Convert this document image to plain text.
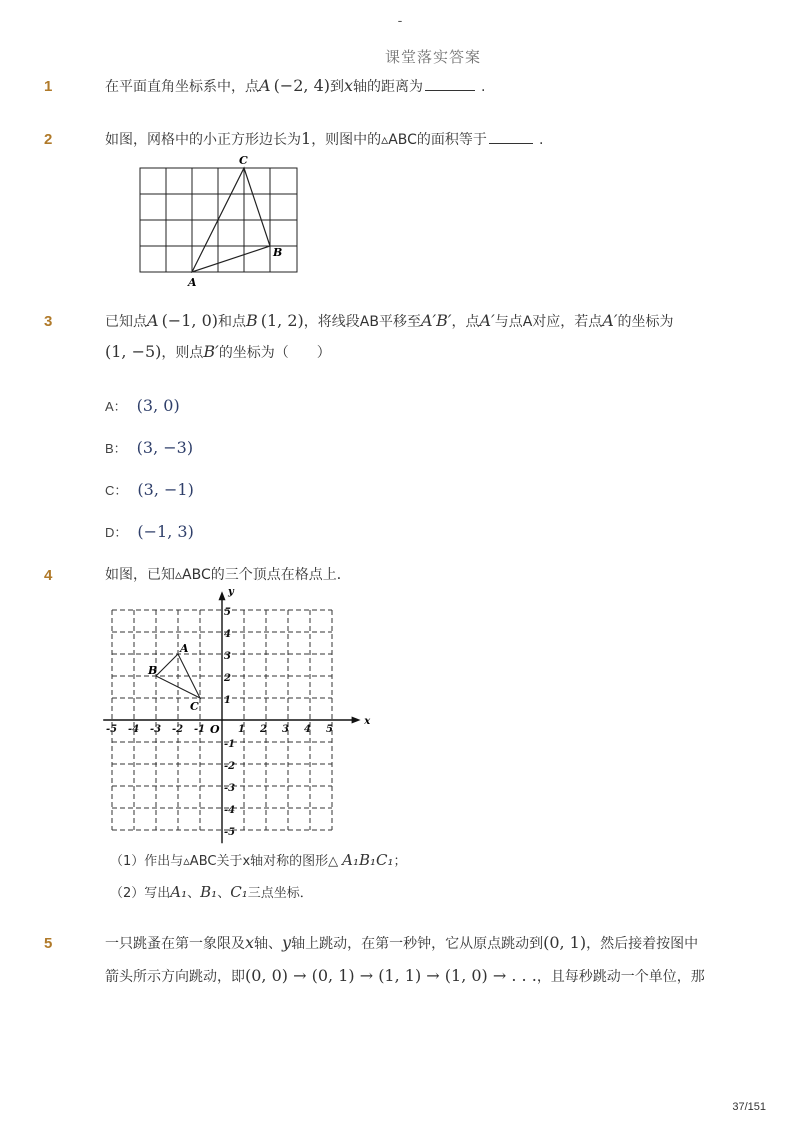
-
课堂落实答案
1	在平面直角坐标系中，点A (−2, 4)到x轴的距离为	.
2	如图，网格中的小正方形边长为1，则图中的▵ABC的面积等于	.
C
B
A
3	已知点A (−1, 0)和点B (1, 2)，将线段AB平移至A′B′，点A′与点A对应，若点A′的坐标为
(1, −5)，则点B′的坐标为（　　）
A： (3, 0)
B： (3, −3)
C： (3, −1)
D： (−1, 3)
4	如图，已知▵ABC的三个顶点在格点上．
-5 -4 -3 -2 -1	1 2 3 4 5
5
4
3
2
1
-1
-2
-3
-4
-5
A
B
C
O
x
y
（1）作出与▵ABC关于x轴对称的图形△ A₁B₁C₁；
（2）写出A₁、B₁、C₁三点坐标．
5	一只跳蚤在第一象限及x轴、y轴上跳动，在第一秒钟，它从原点跳动到(0, 1)，然后接着按图中
箭头所示方向跳动，即(0, 0) → (0, 1) → (1, 1) → (1, 0) → . . .，且每秒跳动一个单位，那
37/151
